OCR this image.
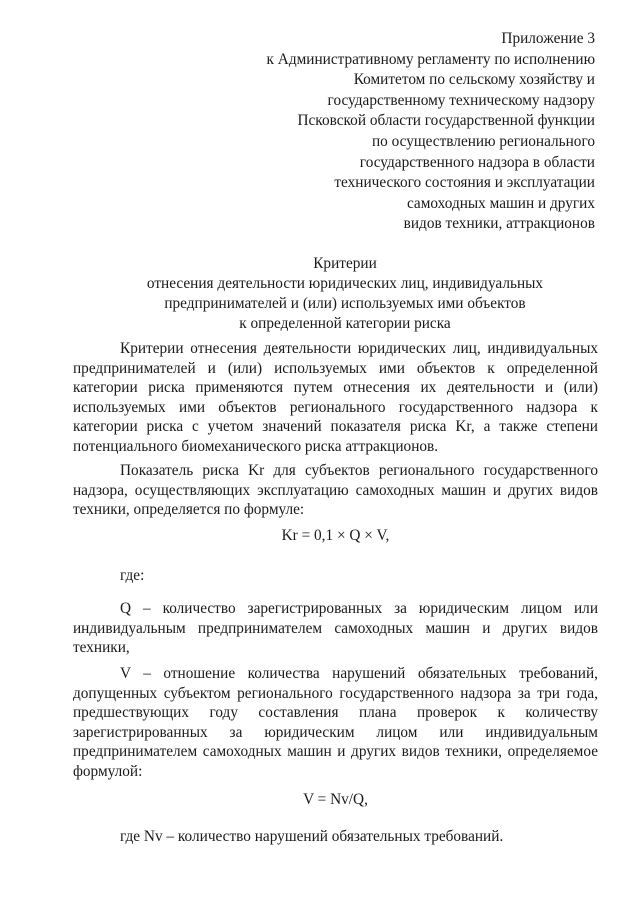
Приложение 3
к Административному регламенту по исполнению
Комитетом по сельскому хозяйству и
государственному техническому надзору
Псковской области государственной функции
по осуществлению регионального
государственного надзора в области
технического состояния и эксплуатации
самоходных машин и других
видов техники, аттракционов
Критерии
отнесения деятельности юридических лиц, индивидуальных
предпринимателей и (или) используемых ими объектов
к определенной категории риска

Критерии отнесения деятельности юридических лиц, индивидуальных предпринимателей и (или) используемых ими объектов к определенной категории риска применяются путем отнесения их деятельности и (или) используемых ими объектов регионального государственного надзора к категории риска с учетом значений показателя риска Kr, а также степени потенциального биомеханического риска аттракционов.

Показатель риска Kr для субъектов регионального государственного надзора, осуществляющих эксплуатацию самоходных машин и других видов техники, определяется по формуле:

Kr = 0,1 × Q × V,
где:

Q – количество зарегистрированных за юридическим лицом или индивидуальным предпринимателем самоходных машин и других видов техники,

V – отношение количества нарушений обязательных требований, допущенных субъектом регионального государственного надзора за три года, предшествующих году составления плана проверок к количеству зарегистрированных за юридическим лицом или индивидуальным предпринимателем самоходных машин и других видов техники, определяемое формулой:

V = Nv/Q,
где Nv – количество нарушений обязательных требований.
